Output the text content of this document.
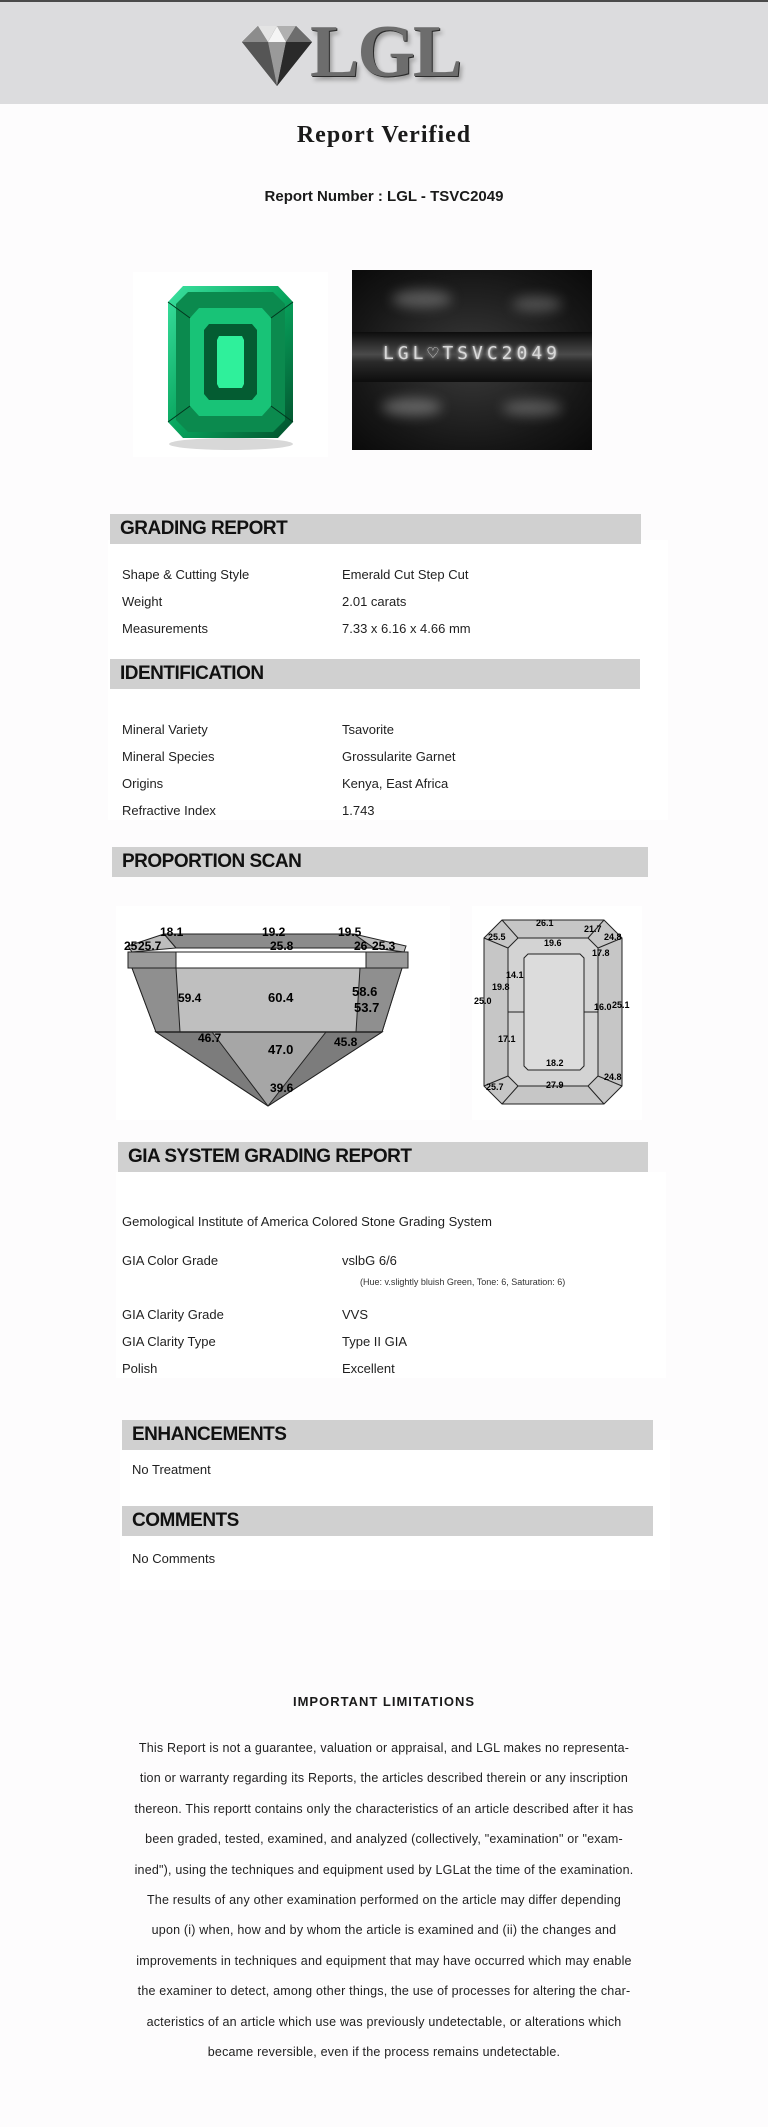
LGL
Report Verified
Report Number : LGL - TSVC2049
LGL♡TSVC2049
GRADING REPORT
Shape & Cutting Style	Emerald Cut Step Cut
Weight	2.01 carats
Measurements	7.33 x 6.16 x 4.66 mm
IDENTIFICATION
Mineral Variety	Tsavorite
Mineral Species	Grossularite Garnet
Origins	Kenya, East Africa
Refractive Index	1.743
PROPORTION SCAN
18.1	19.2	19.5
25.8
25 25.7	26 25.3
59.4	60.4	58.6
53.7
46.7
47.0	45.8
39.6
26.1
21.7
25.5
19.6
24.8
17.8
14.1
19.8
25.0
16.0 25.1
17.1
18.2
25.7	27.9
24.8
GIA SYSTEM GRADING REPORT
Gemological Institute of America Colored Stone Grading System
GIA Color Grade	vslbG 6/6
(Hue: v.slightly bluish Green, Tone: 6, Saturation: 6)
GIA Clarity Grade	VVS
GIA Clarity Type	Type II GIA
Polish	Excellent
ENHANCEMENTS
No Treatment
COMMENTS
No Comments
IMPORTANT LIMITATIONS
This Report is not a guarantee, valuation or appraisal, and LGL makes no representa-
tion or warranty regarding its Reports, the articles described therein or any inscription
thereon. This reportt contains only the characteristics of an article described after it has
been graded, tested, examined, and analyzed (collectively, "examination" or "exam-
ined"), using the techniques and equipment used by LGLat the time of the examination.
The results of any other examination performed on the article may differ depending
upon (i) when, how and by whom the article is examined and (ii) the changes and
improvements in techniques and equipment that may have occurred which may enable
the examiner to detect, among other things, the use of processes for altering the char-
acteristics of an article which use was previously undetectable, or alterations which
became reversible, even if the process remains undetectable.
